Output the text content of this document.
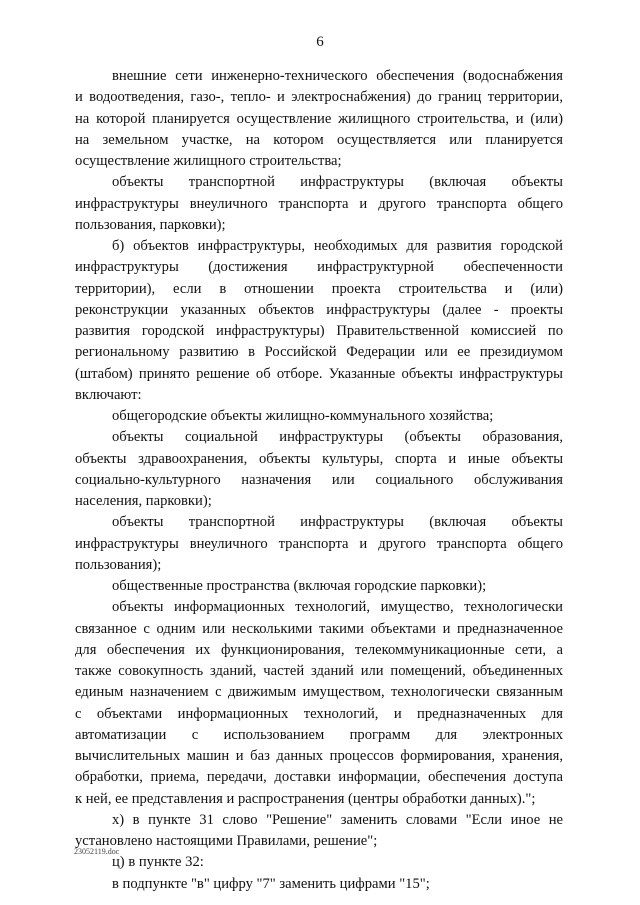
6
внешние сети инженерно-технического обеспечения (водоснабжения
и водоотведения, газо-, тепло- и электроснабжения) до границ территории,
на которой планируется осуществление жилищного строительства, и (или)
на земельном участке, на котором осуществляется или планируется
осуществление жилищного строительства;
объекты транспортной инфраструктуры (включая объекты
инфраструктуры внеуличного транспорта и другого транспорта общего
пользования, парковки);
б) объектов инфраструктуры, необходимых для развития городской
инфраструктуры (достижения инфраструктурной обеспеченности
территории), если в отношении проекта строительства и (или)
реконструкции указанных объектов инфраструктуры (далее - проекты
развития городской инфраструктуры) Правительственной комиссией по
региональному развитию в Российской Федерации или ее президиумом
(штабом) принято решение об отборе. Указанные объекты инфраструктуры
включают:
общегородские объекты жилищно-коммунального хозяйства;
объекты социальной инфраструктуры (объекты образования,
объекты здравоохранения, объекты культуры, спорта и иные объекты
социально-культурного назначения или социального обслуживания
населения, парковки);
объекты транспортной инфраструктуры (включая объекты
инфраструктуры внеуличного транспорта и другого транспорта общего
пользования);
общественные пространства (включая городские парковки);
объекты информационных технологий, имущество, технологически
связанное с одним или несколькими такими объектами и предназначенное
для обеспечения их функционирования, телекоммуникационные сети, а
также совокупность зданий, частей зданий или помещений, объединенных
единым назначением с движимым имуществом, технологически связанным
с объектами информационных технологий, и предназначенных для
автоматизации с использованием программ для электронных
вычислительных машин и баз данных процессов формирования, хранения,
обработки, приема, передачи, доставки информации, обеспечения доступа
к ней, ее представления и распространения (центры обработки данных).";
х) в пункте 31 слово "Решение" заменить словами "Если иное не
установлено настоящими Правилами, решение";
ц) в пункте 32:
в подпункте "в" цифру "7" заменить цифрами "15";
23052119.doc
